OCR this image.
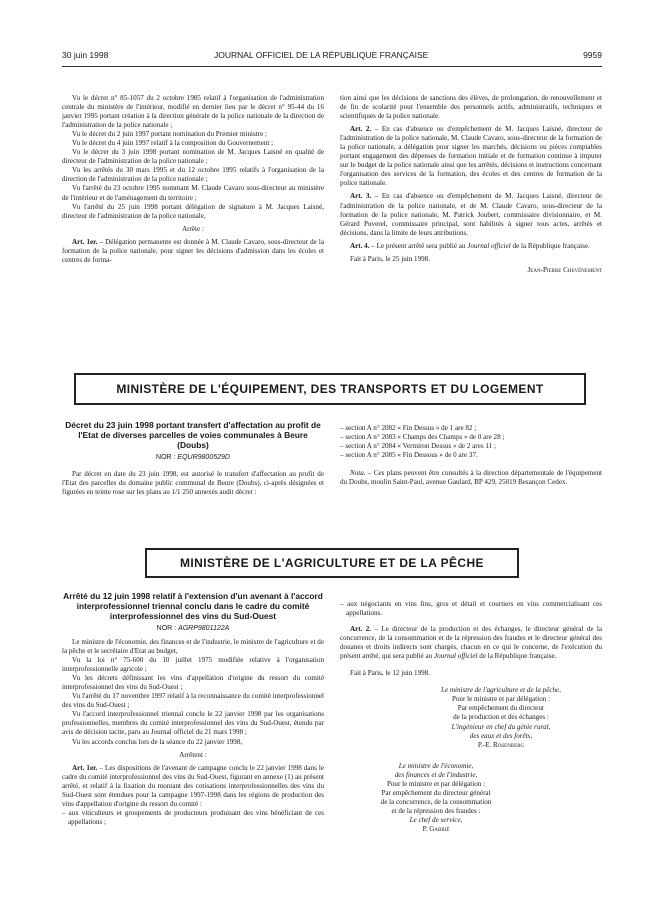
30 juin 1998	JOURNAL OFFICIEL DE LA RÉPUBLIQUE FRANÇAISE	9959

Vu le décret n° 85-1057 du 2 octobre 1985 relatif à l'organisation de l'administration centrale du ministère de l'intérieur, modifié en dernier lieu par le décret n° 95-44 du 16 janvier 1995 portant création à la direction générale de la police nationale de la direction de l'administration de la police nationale ;

Vu le décret du 2 juin 1997 portant nomination du Premier ministre ;

Vu le décret du 4 juin 1997 relatif à la composition du Gouvernement ;

Vu le décret du 3 juin 1998 portant nomination de M. Jacques Laisné en qualité de directeur de l'administration de la police nationale ;

Vu les arrêtés du 30 mars 1995 et du 12 octobre 1995 relatifs à l'organisation de la direction de l'administration de la police nationale ;

Vu l'arrêté du 23 octobre 1995 nommant M. Claude Cavaro sous-directeur au ministère de l'intérieur et de l'aménagement du territoire ;

Vu l'arrêté du 25 juin 1998 portant délégation de signature à M. Jacques Laisné, directeur de l'administration de la police nationale,

Arrête :

Art. 1er. – Délégation permanente est donnée à M. Claude Cavaro, sous-directeur de la formation de la police nationale, pour signer les décisions d'admission dans les écoles et centres de forma-

tion ainsi que les décisions de sanctions des élèves, de prolongation, de renouvellement et de fin de scolarité pour l'ensemble des personnels actifs, administratifs, techniques et scientifiques de la police nationale.

Art. 2. – En cas d'absence ou d'empêchement de M. Jacques Laisné, directeur de l'administration de la police nationale, M. Claude Cavaro, sous-directeur de la formation de la police nationale, a délégation pour signer les marchés, décisions ou pièces comptables portant engagement des dépenses de formation initiale et de formation continue à imputer sur le budget de la police nationale ainsi que les arrêtés, décisions et instructions concernant l'organisation des services de la formation, des écoles et des centres de formation de la police nationale.

Art. 3. – En cas d'absence ou d'empêchement de M. Jacques Laisné, directeur de l'administration de la police nationale, et de M. Claude Cavaro, sous-directeur de la formation de la police nationale, M. Patrick Joubert, commissaire divisionnaire, et M. Gérard Puverel, commissaire principal, sont habilités à signer tous actes, arrêtés et décisions, dans la limite de leurs attributions.

Art. 4. – Le présent arrêté sera publié au Journal officiel de la République française.

Fait à Paris, le 25 juin 1998.

Jean-Pierre Chevènement

MINISTÈRE DE L'ÉQUIPEMENT, DES TRANSPORTS ET DU LOGEMENT
Décret du 23 juin 1998 portant transfert d'affectation au profit de l'Etat de diverses parcelles de voies communales à Beure (Doubs)
NOR : EQUR9800529D

Par décret en date du 23 juin 1998, est autorisé le transfert d'affectation au profit de l'Etat des parcelles du domaine public communal de Beure (Doubs), ci-après désignées et figurées en teinte rose sur les plans au 1/1 250 annexés audit décret :

– section A n° 2082 « Fin Dessus » de 1 are 82 ;

– section A n° 2083 « Champs des Champs » de 0 are 28 ;

– section A n° 2084 « Vermiron Dessus » de 2 ares 11 ;

– section A n° 2085 « Fin Dessous » de 0 are 37.

Nota. – Ces plans peuvent être consultés à la direction départementale de l'équipement du Doubs, moulin Saint-Paul, avenue Gaulard, BP 429, 25019 Besançon Cedex.

MINISTÈRE DE L'AGRICULTURE ET DE LA PÊCHE
Arrêté du 12 juin 1998 relatif à l'extension d'un avenant à l'accord interprofessionnel triennal conclu dans le cadre du comité interprofessionnel des vins du Sud-Ouest
NOR : AGRP9801122A

Le ministre de l'économie, des finances et de l'industrie, le ministre de l'agriculture et de la pêche et le secrétaire d'Etat au budget,

Vu la loi n° 75-600 du 10 juillet 1975 modifiée relative à l'organisation interprofessionnelle agricole ;

Vu les décrets définissant les vins d'appellation d'origine du ressort du comité interprofessionnel des vins du Sud-Ouest ;

Vu l'arrêté du 17 novembre 1997 relatif à la reconnaissance du comité interprofessionnel des vins du Sud-Ouest ;

Vu l'accord interprofessionnel triennal conclu le 22 janvier 1998 par les organisations professionnelles, membres du comité interprofessionnel des vins du Sud-Ouest, étendu par avis de décision tacite, paru au Journal officiel du 21 mars 1998 ;

Vu les accords conclus lors de la séance du 22 janvier 1998,

Arrêtent :

Art. 1er. – Les dispositions de l'avenant de campagne conclu le 22 janvier 1998 dans le cadre du comité interprofessionnel des vins du Sud-Ouest, figurant en annexe (1) au présent arrêté, et relatif à la fixation du montant des cotisations interprofessionnelles des vins du Sud-Ouest sont étendues pour la campagne 1997-1998 dans les régions de production des vins d'appellation d'origine du ressort du comité :

– aux viticulteurs et groupements de producteurs produisant des vins bénéficiant de ces appellations ;

– aux négociants en vins fins, gros et détail et courtiers en vins commercialisant ces appellations.

Art. 2. – Le directeur de la production et des échanges, le directeur général de la concurrence, de la consommation et de la répression des fraudes et le directeur général des douanes et droits indirects sont chargés, chacun en ce qui le concerne, de l'exécution du présent arrêté, qui sera publié au Journal officiel de la République française.

Fait à Paris, le 12 juin 1998.

Le ministre de l'agriculture et de la pêche,

Pour le ministre et par délégation :

Par empêchement du directeur

de la production et des échanges :

L'ingénieur en chef du génie rural,

des eaux et des forêts,

P.-E. Rosenberg

Le ministre de l'économie,

des finances et de l'industrie,

Pour le ministre et par délégation :

Par empêchement du directeur général

de la concurrence, de la consommation

et de la répression des fraudes :

Le chef de service,

P. Gabrié
